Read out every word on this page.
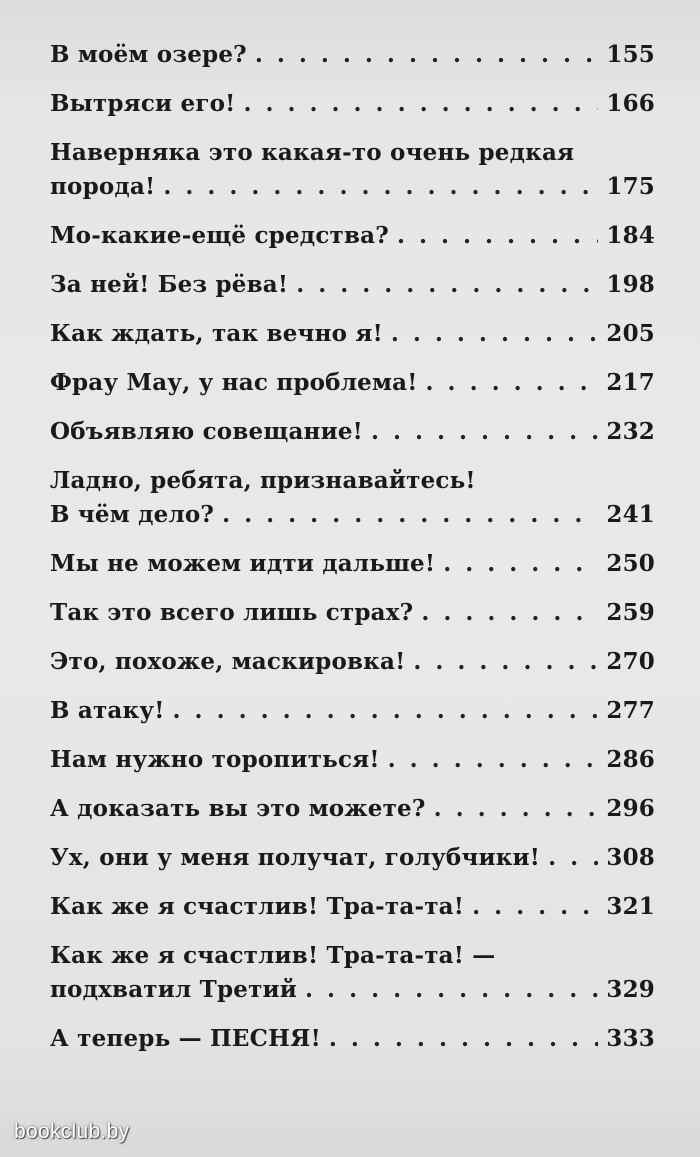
В моём озере? . . .	155
Вытряси его! . . .	166
Наверняка это какая-то очень редкая
порода! . . .	175
Мо-какие-ещё средства? . . .	184
За ней! Без рёва! . . .	198
Как ждать, так вечно я! . . .	205
Фрау Мау, у нас проблема! . . .	217
Объявляю совещание! . . .	232
Ладно, ребята, признавайтесь!
В чём дело? . . .	241
Мы не можем идти дальше! . . .	250
Так это всего лишь страх? . . .	259
Это, похоже, маскировка! . . .	270
В атаку! . . .	277
Нам нужно торопиться! . . .	286
А доказать вы это можете? . . .	296
Ух, они у меня получат, голубчики! . . .	308
Как же я счастлив! Тра-та-та! . . .	321
Как же я счастлив! Тра-та-та! —
подхватил Третий . . .	329
А теперь — ПЕСНЯ! . . .	333
bookclub.by
